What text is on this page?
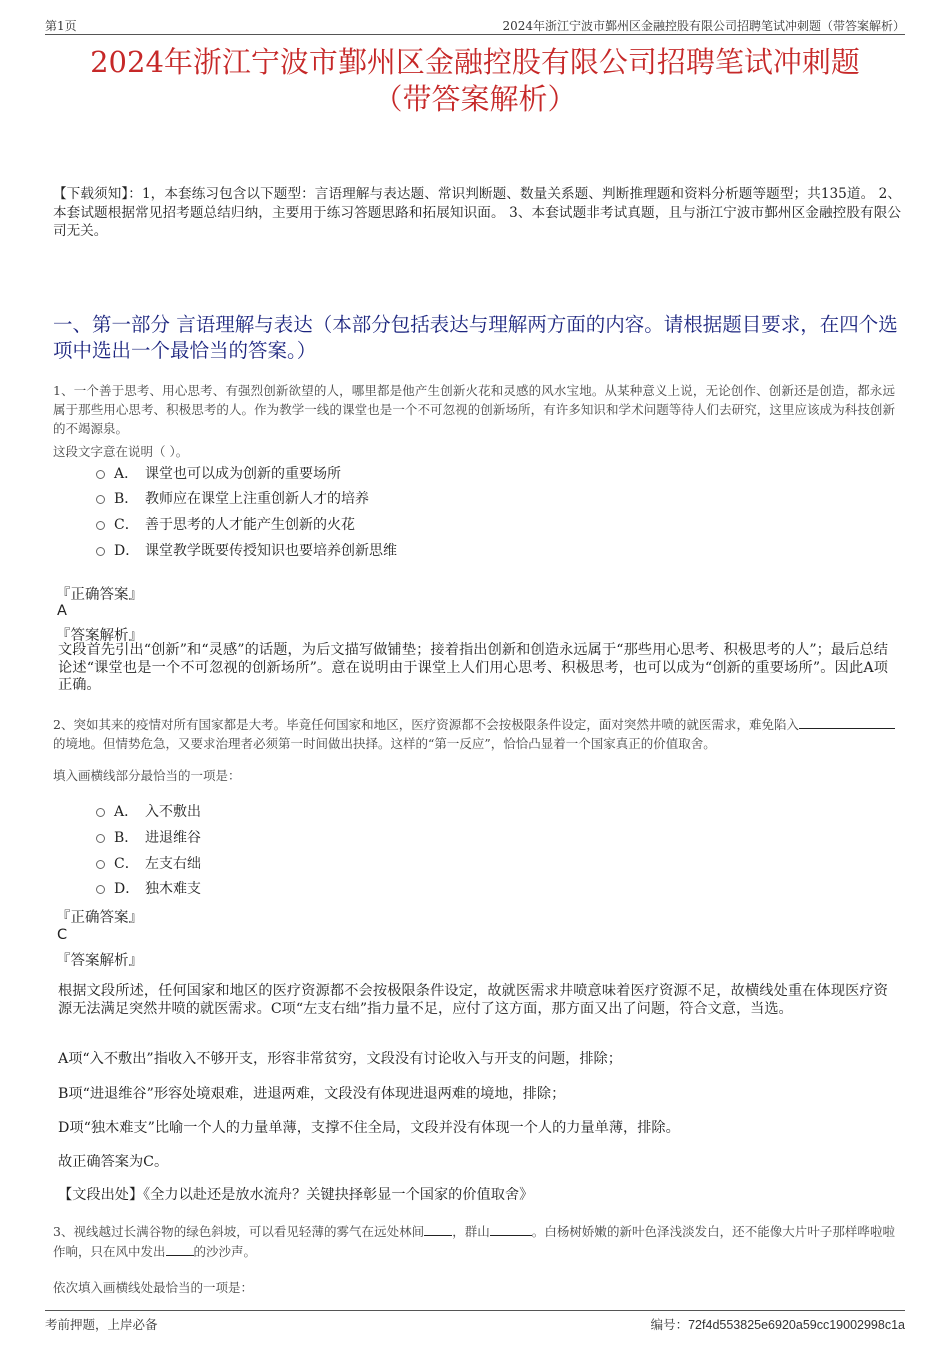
第1页	2024年浙江宁波市鄞州区金融控股有限公司招聘笔试冲刺题（带答案解析）
2024年浙江宁波市鄞州区金融控股有限公司招聘笔试冲刺题
（带答案解析）
【下载须知】：1，本套练习包含以下题型：言语理解与表达题、常识判断题、数量关系题、判断推理题和资料分析题等题型；共135道。 2、本套试题根据常见招考题总结归纳，主要用于练习答题思路和拓展知识面。 3、本套试题非考试真题，且与浙江宁波市鄞州区金融控股有限公司无关。
一、第一部分 言语理解与表达（本部分包括表达与理解两方面的内容。请根据题目要求，在四个选项中选出一个最恰当的答案。）
1、一个善于思考、用心思考、有强烈创新欲望的人，哪里都是他产生创新火花和灵感的风水宝地。从某种意义上说，无论创作、创新还是创造，都永远属于那些用心思考、积极思考的人。作为教学一线的课堂也是一个不可忽视的创新场所，有许多知识和学术问题等待人们去研究，这里应该成为科技创新的不竭源泉。
这段文字意在说明（ ）。
A． 课堂也可以成为创新的重要场所
B． 教师应在课堂上注重创新人才的培养
C． 善于思考的人才能产生创新的火花
D． 课堂教学既要传授知识也要培养创新思维
『正确答案』
A
『答案解析』
文段首先引出“创新”和“灵感”的话题，为后文描写做铺垫；接着指出创新和创造永远属于“那些用心思考、积极思考的人”；最后总结论述“课堂也是一个不可忽视的创新场所”。意在说明由于课堂上人们用心思考、积极思考，也可以成为“创新的重要场所”。因此A项正确。
2、突如其来的疫情对所有国家都是大考。毕竟任何国家和地区，医疗资源都不会按极限条件设定，面对突然井喷的就医需求，难免陷入的境地。但情势危急，又要求治理者必须第一时间做出抉择。这样的“第一反应”，恰恰凸显着一个国家真正的价值取舍。
填入画横线部分最恰当的一项是：
A． 入不敷出
B． 进退维谷
C． 左支右绌
D． 独木难支
『正确答案』
C
『答案解析』
根据文段所述，任何国家和地区的医疗资源都不会按极限条件设定，故就医需求井喷意味着医疗资源不足，故横线处重在体现医疗资源无法满足突然井喷的就医需求。C项“左支右绌”指力量不足，应付了这方面，那方面又出了问题，符合文意，当选。
A项“入不敷出”指收入不够开支，形容非常贫穷，文段没有讨论收入与开支的问题，排除；
B项“进退维谷”形容处境艰难，进退两难，文段没有体现进退两难的境地，排除；
D项“独木难支”比喻一个人的力量单薄，支撑不住全局，文段并没有体现一个人的力量单薄，排除。
故正确答案为C。
【文段出处】《全力以赴还是放水流舟？关键抉择彰显一个国家的价值取舍》
3、视线越过长满谷物的绿色斜坡，可以看见轻薄的雾气在远处林间 ，群山	。白杨树娇嫩的新叶色泽浅淡发白，还不能像大片叶子那样哗啦啦作响，只在风中发出 的沙沙声。
依次填入画横线处最恰当的一项是：
考前押题，上岸必备	编号：72f4d553825e6920a59cc19002998c1a
